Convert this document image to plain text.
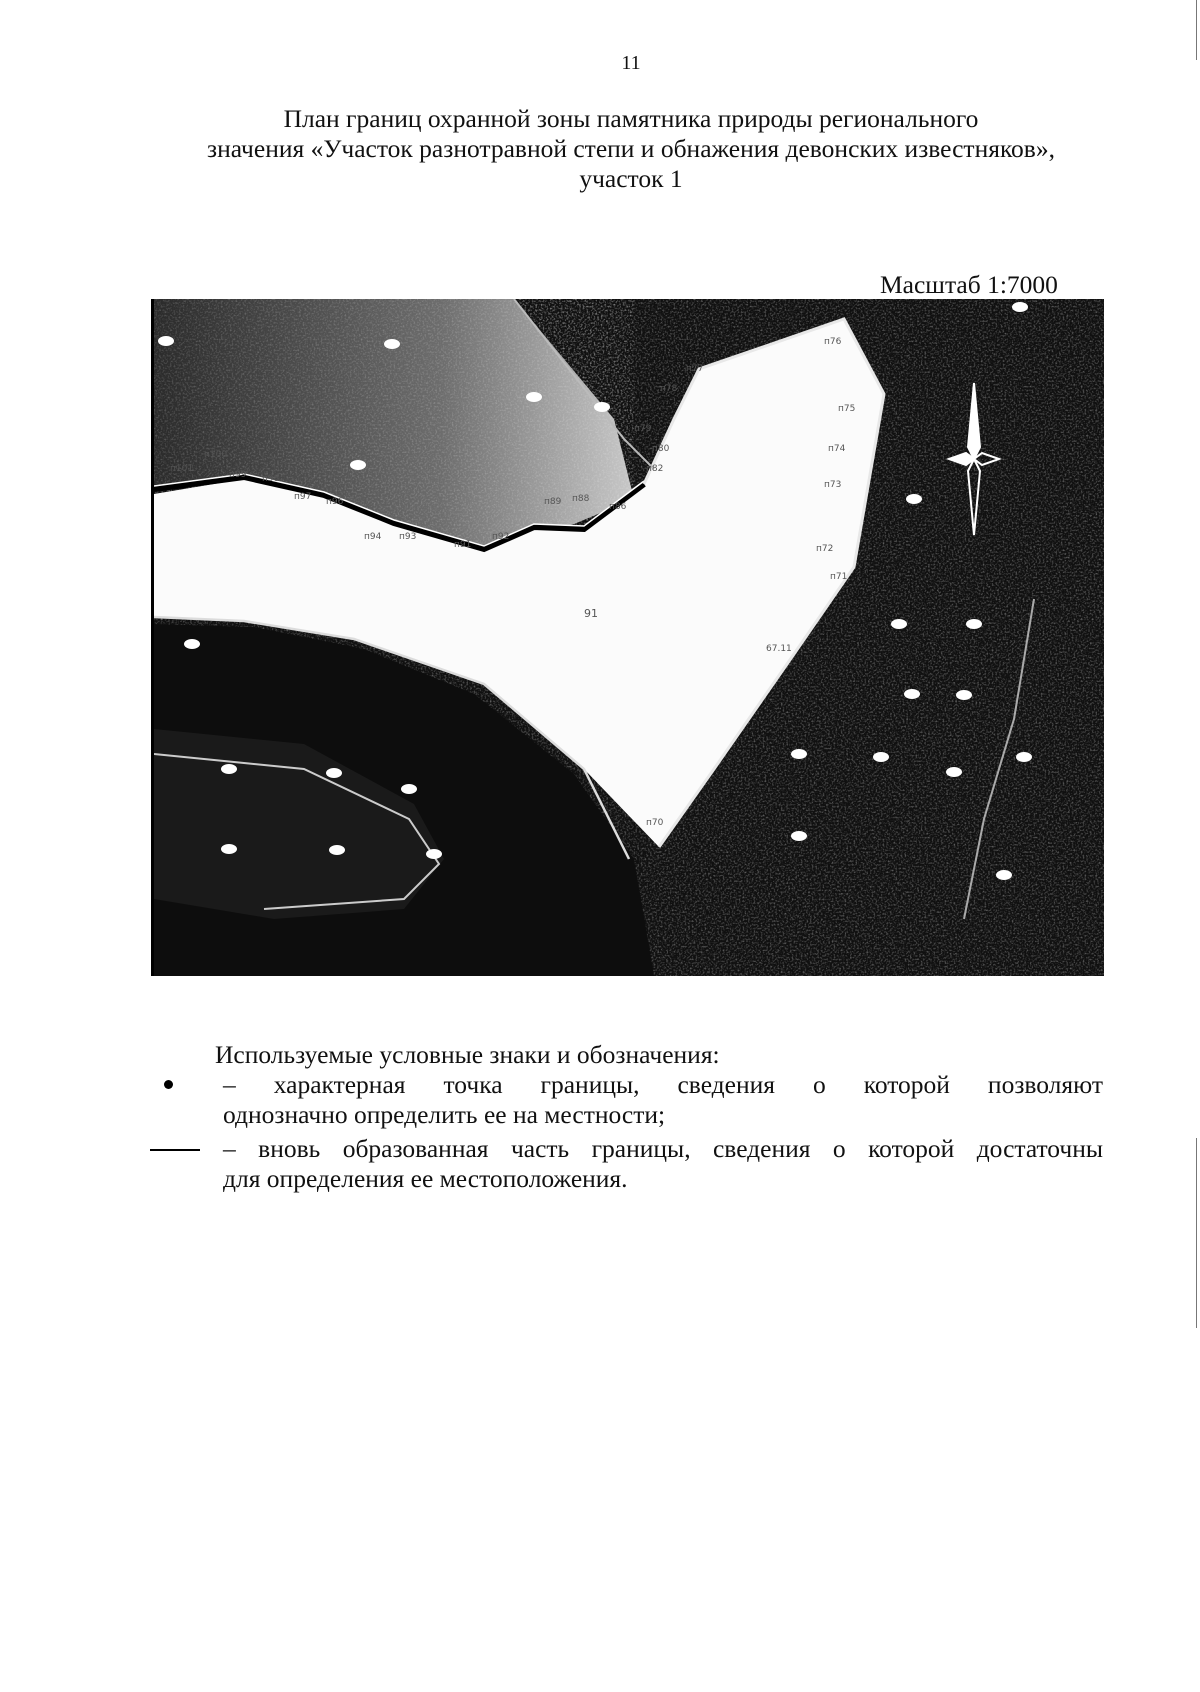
11
План границ охранной зоны памятника природы регионального
значения «Участок разнотравной степи и обнажения девонских известняков»,
участок 1
Масштаб 1:7000
п101
п100
п99 п98
п97 п96
п94 п93
п91
п92
п89 п88
п86
п82
п80
п79
п78
п77
п76
п75
п74
п73
п72
п71
67.11
п70
91
Используемые условные знаки и обозначения:
– характерная точка границы, сведения о которой позволяют
однозначно определить ее на местности;
– вновь образованная часть границы, сведения о которой достаточны
для определения ее местоположения.
